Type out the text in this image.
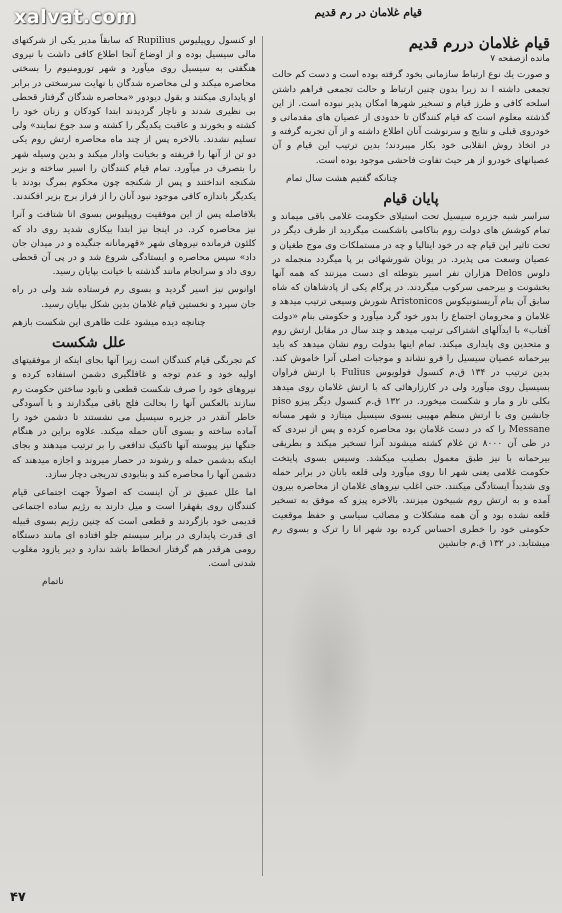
xalvat.com	قیام غلامان در رم قدیم
قیام غلامان دررم قدیم
مانده ازصفحه ۷

و صورت یك نوع ارتباط سازمانی بخود گرفته بوده است و دست کم حالت تجمعی داشته ا ند زیرا بدون چنین ارتباط و حالت تجمعی فراهم داشتن اسلحه کافی و طرز قیام و تسخیر شهرها امکان پذیر نبوده است. از این گذشته معلوم است که قیام کنندگان تا حدودی از عصیان های مقدماتی و خودروی قبلی و نتایج و سرنوشت آنان اطلاع داشته و از آن تجربه گرفته و در اتخاذ روش انقلابی خود بکار میبردند؛ بدین ترتیب این قیام و آن عصیانهای خودرو از هر حیث تفاوت فاحشی موجود بوده است.

چنانکه گفتیم هشت سال تمام
پایان قیام

سراسر شبه جزیره سیسیل تحت استیلای حکومت غلامی باقی میماند و تمام کوشش های دولت روم بناکامی باشکست میگردید از طرف دیگر در تحت تاثیر این قیام چه در خود ایتالیا و چه در مستملکات وی موج طغیان و عصیان وسعت می پذیرد. در یونان شورشهائی بر پا میگردد منجمله در دلوس Delos هزاران نفر اسیر بتوطئه ای دست میزنند که همه آنها بخشونت و بیرحمی سرکوب میگردند. در پرگام یکی از پادشاهان که شاه سابق آن بنام آریستونیکوس Aristonicos شورش وسیعی ترتیب میدهد و غلامان و محرومان اجتماع را بدور خود گرد میآورد و حکومتی بنام «دولت آفتاب» با ایدآلهای اشتراکی ترتیب میدهد و چند سال در مقابل ارتش روم و متحدین وی پایداری میکند. تمام اینها بدولت روم نشان میدهد که باید بیرحمانه عصیان سیسیل را فرو نشاند و موجبات اصلی آنرا خاموش کند. بدین ترتیب در ۱۳۴ ق.م کنسول فولویوس Fulius با ارتش فراوان بسیسیل روی میآورد ولی در کارزارهائی که با ارتش غلامان روی میدهد بکلی تار و مار و شکست میخورد. در ۱۳۲ ق.م کنسول دیگر پیزو piso جانشین وی با ارتش منظم مهیبی بسوی سیسیل میتازد و شهر مسانه Messane را که در دست غلامان بود محاصره کرده و پس از نبردی که در طی آن ۸۰۰۰ تن غلام کشته میشوند آنرا تسخیر میکند و بطریقی بیرحمانه با نیز طبق معمول بصلیب میکشد. وسیس بسوی پایتخت حکومت غلامی یعنی شهر انا روی میآورد ولی قلعه بانان در برابر حمله وی شدیداً ایستادگی میکنند. حتی اغلب نیروهای غلامان از محاصره بیرون آمده و به ارتش روم شبیخون میزنند. بالاخره پیزو که موفق به تسخیر قلعه نشده بود و آن همه مشکلات و مصائب سیاسی و حفظ موقعیت حکومتی خود را خطری احساس کرده بود شهر انا را ترک و بسوی رم میشتابد. در ۱۳۲ ق.م جانشین

او کنسول روپیلیوس Rupilius که سابقاً مدیر یکی از شرکتهای مالی سیسیل بوده و از اوضاع آنجا اطلاع کافی داشت با نیروی هنگفتی به سیسیل روی میآورد و شهر تورومنیوم را بسختی محاصره میکند و لی محاصره شدگان با نهایت سرسختی در برابر او پایداری میکنند و بقول دیودور «محاصره شدگان گرفتار قحطی بی نظیری شدند و ناچار گردیدند ابتدا کودکان و زنان خود را کشته و بخورند و عاقبت یکدیگر را کشته و سد جوع نمایند» ولی تسلیم نشدند. بالاخره پس از چند ماه محاصره ارتش روم یکی دو تن از آنها را فریفته و بخیانت وادار میکند و بدین وسیله شهر را بتصرف در میآورد. تمام قیام کنندگان را اسیر ساخته و بزیر شکنجه انداختند و پس از شکنجه چون محکوم بمرگ بودند با یکدیگر باندازه کافی موجود نبود آنان را از فراز برج بزیر افکندند.

بلافاصله پس از این موفقیت روپیلیوس بسوی انا شتافت و آنرا نیز محاصره کرد. در اینجا نیز ابتدا بیکاری شدید روی داد که کلئون فرمانده نیروهای شهر «قهرمانانه جنگیده و در میدان جان داد» سپس محاصره و ایستادگی شروع شد و در پی آن قحطی روی داد و سرانجام مانند گذشته با خیانت بپایان رسید.

اوانوس نیز اسیر گردید و بسوی رم فرستاده شد ولی در راه جان سپرد و نخستین قیام غلامان بدین شکل بپایان رسید.

چنانچه دیده میشود علت ظاهری این شکست بازهم
علل شکست

کم تجربگی قیام کنندگان است زیرا آنها بجای اینکه از موفقیتهای اولیه خود و عدم توجه و غافلگیری دشمن استفاده کرده و نیروهای خود را صرف شکست قطعی و نابود ساختن حکومت رم سازند بالعکس آنها را بحالت فلج باقی میگذارند و با آسودگی خاطر آنقدر در جزیره سیسیل می نشستند تا دشمن خود را آماده ساخته و بسوی آنان حمله میکند. علاوه براین در هنگام جنگها نیز پیوسته آنها تاکتیک تدافعی را بر ترتیب میدهند و بجای اینکه بدشمن حمله و رشوند در حصار میروند و اجازه میدهند که دشمن آنها را محاصره کند و بنابودی تدریجی دچار سازد.

اما علل عمیق تر آن اینست که اصولاً جهت اجتماعی قیام کنندگان روی بقهقرا است و میل دارند به رژیم ساده اجتماعی قدیمی خود بازگردند و قطعی است که چنین رژیم بسوی قبیله ای قدرت پایداری در برابر سیستم جلو افتاده ای مانند دستگاه رومی هرقدر هم گرفتار انحطاط باشد ندارد و دیر یازود مغلوب شدنی است.

ناتمام
۴۷
